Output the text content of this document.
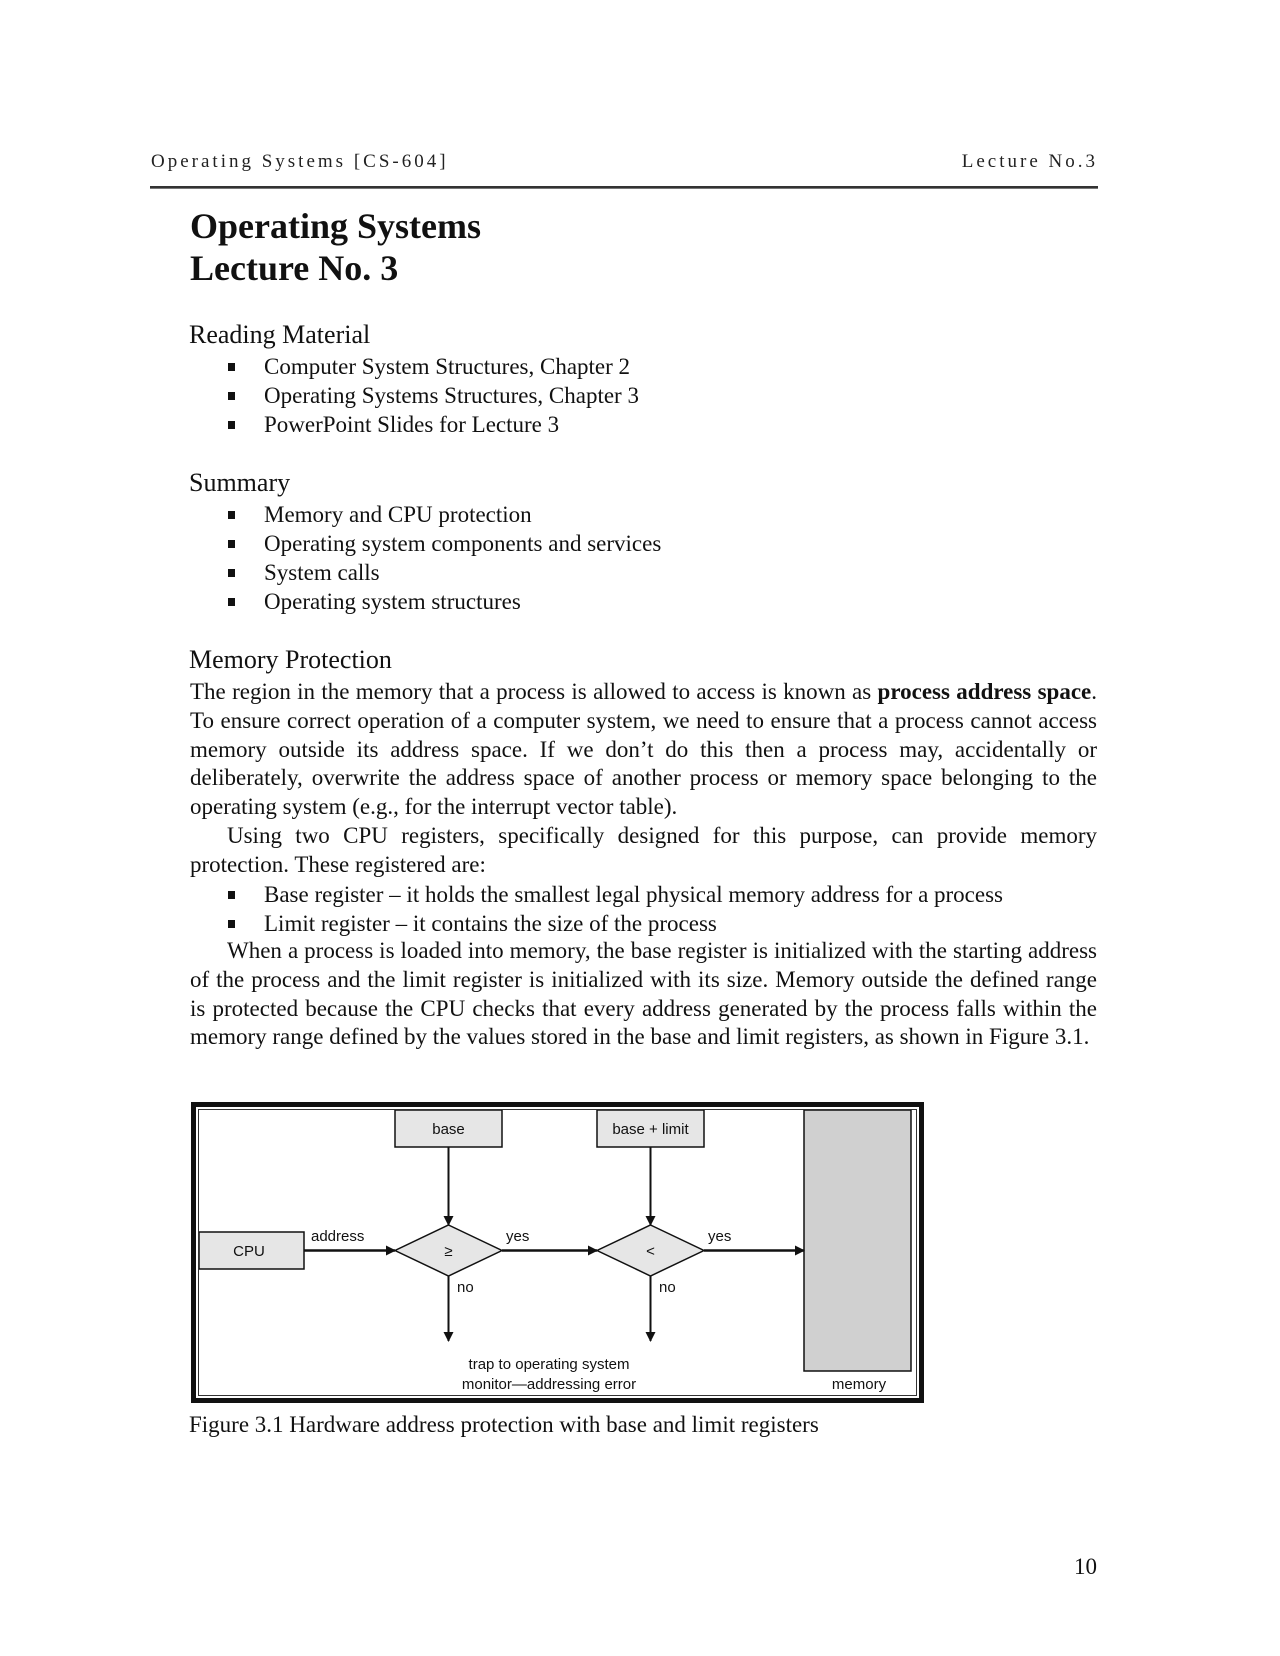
Operating Systems [CS-604]	Lecture No.3
Operating Systems
Lecture No. 3
Reading Material
Computer System Structures, Chapter 2
Operating Systems Structures, Chapter 3
PowerPoint Slides for Lecture 3
Summary
Memory and CPU protection
Operating system components and services
System calls
Operating system structures
Memory Protection
The region in the memory that a process is allowed to access is known as process address space. To ensure correct operation of a computer system, we need to ensure that a process cannot access memory outside its address space. If we don’t do this then a process may, accidentally or deliberately, overwrite the address space of another process or memory space belonging to the operating system (e.g., for the interrupt vector table).
Using two CPU registers, specifically designed for this purpose, can provide memory protection. These registered are:
Base register – it holds the smallest legal physical memory address for a process
Limit register – it contains the size of the process
When a process is loaded into memory, the base register is initialized with the starting address of the process and the limit register is initialized with its size. Memory outside the defined range is protected because the CPU checks that every address generated by the process falls within the memory range defined by the values stored in the base and limit registers, as shown in Figure 3.1.
base	base + limit
memory
CPU	≥	<
address	yes	yes
no	no
trap to operating system
monitor—addressing error
Figure 3.1 Hardware address protection with base and limit registers
10
